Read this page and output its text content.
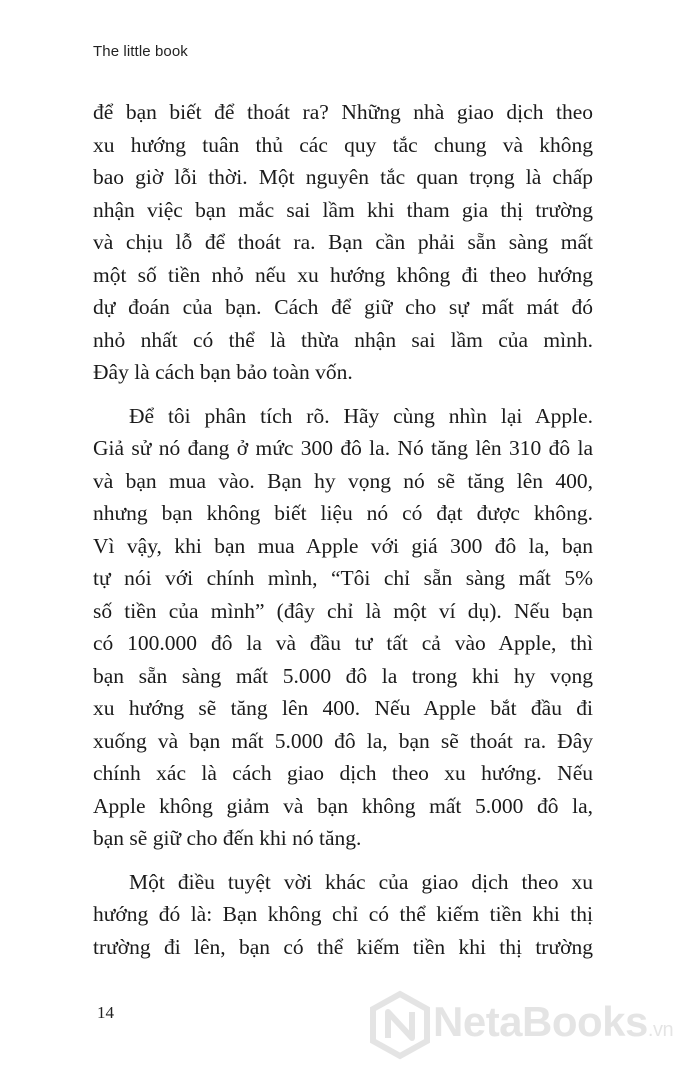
The little book

để bạn biết để thoát ra? Những nhà giao dịch theo
xu hướng tuân thủ các quy tắc chung và không
bao giờ lỗi thời. Một nguyên tắc quan trọng là chấp
nhận việc bạn mắc sai lầm khi tham gia thị trường
và chịu lỗ để thoát ra. Bạn cần phải sẵn sàng mất
một số tiền nhỏ nếu xu hướng không đi theo hướng
dự đoán của bạn. Cách để giữ cho sự mất mát đó
nhỏ nhất có thể là thừa nhận sai lầm của mình.
Đây là cách bạn bảo toàn vốn.

Để tôi phân tích rõ. Hãy cùng nhìn lại Apple.
Giả sử nó đang ở mức 300 đô la. Nó tăng lên 310 đô la
và bạn mua vào. Bạn hy vọng nó sẽ tăng lên 400,
nhưng bạn không biết liệu nó có đạt được không.
Vì vậy, khi bạn mua Apple với giá 300 đô la, bạn
tự nói với chính mình, “Tôi chỉ sẵn sàng mất 5%
số tiền của mình” (đây chỉ là một ví dụ). Nếu bạn
có 100.000 đô la và đầu tư tất cả vào Apple, thì
bạn sẵn sàng mất 5.000 đô la trong khi hy vọng
xu hướng sẽ tăng lên 400. Nếu Apple bắt đầu đi
xuống và bạn mất 5.000 đô la, bạn sẽ thoát ra. Đây
chính xác là cách giao dịch theo xu hướng. Nếu
Apple không giảm và bạn không mất 5.000 đô la,
bạn sẽ giữ cho đến khi nó tăng.

Một điều tuyệt vời khác của giao dịch theo xu
hướng đó là: Bạn không chỉ có thể kiếm tiền khi thị
trường đi lên, bạn có thể kiếm tiền khi thị trường

14	NetaBooks.vn
